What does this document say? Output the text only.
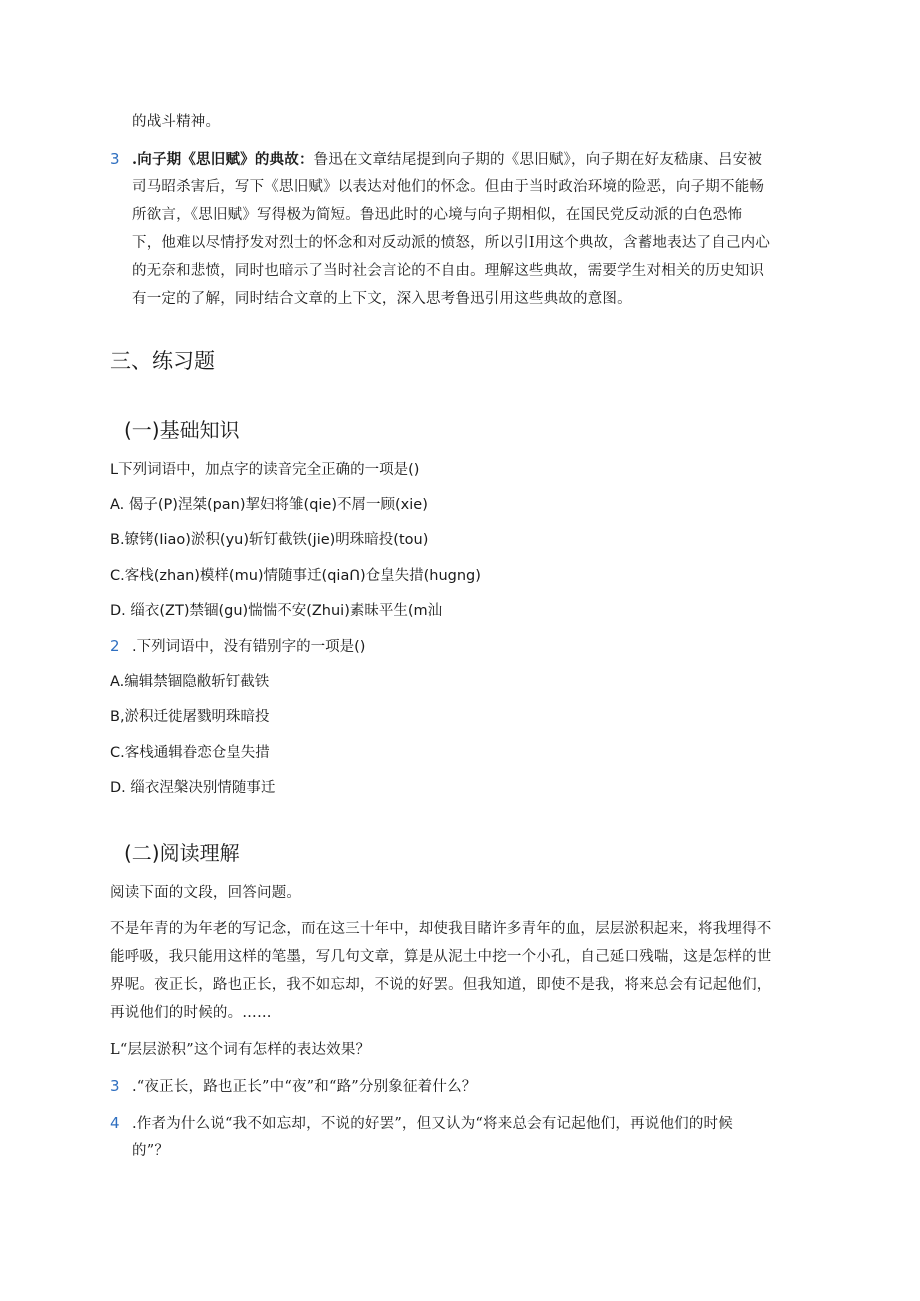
的战斗精神。
3 .向子期《思旧赋》的典故：鲁迅在文章结尾提到向子期的《思旧赋》，向子期在好友嵇康、吕安被
司马昭杀害后，写下《思旧赋》以表达对他们的怀念。但由于当时政治环境的险恶，向子期不能畅
所欲言，《思旧赋》写得极为简短。鲁迅此时的心境与向子期相似，在国民党反动派的白色恐怖
下，他难以尽情抒发对烈士的怀念和对反动派的愤怒，所以引I用这个典故，含蓄地表达了自己内心
的无奈和悲愤，同时也暗示了当时社会言论的不自由。理解这些典故，需要学生对相关的历史知识
有一定的了解，同时结合文章的上下文，深入思考鲁迅引用这些典故的意图。
三、练习题
(一)基础知识
L下列词语中，加点字的读音完全正确的一项是()
A. 偈子(P)涅桀(pan)挈妇将雏(qie)不屑一顾(xie)
B.镣铐(Iiao)淤积(yu)斩钉截铁(jie)明珠暗投(tou)
C.客栈(zhan)模样(mu)情随事迁(qiaՈ)仓皇失措(hugng)
D. 缁衣(ZT)禁锢(gu)惴惴不安(Zhui)素昧平生(m汕
2 .下列词语中，没有错别字的一项是()
A.编辑禁锢隐敝斩钉截铁
B,淤积迁徙屠戮明珠暗投
C.客栈通辑眷恋仓皇失措
D. 缁衣涅槃决别情随事迁
(二)阅读理解
阅读下面的文段，回答问题。
不是年青的为年老的写记念，而在这三十年中，却使我目睹许多青年的血，层层淤积起来，将我埋得不
能呼吸，我只能用这样的笔墨，写几句文章，算是从泥土中挖一个小孔，自己延口残喘，这是怎样的世
界呢。夜正长，路也正长，我不如忘却，不说的好罢。但我知道，即使不是我，将来总会有记起他们，
再说他们的时候的。……
L“层层淤积”这个词有怎样的表达效果？
3 .“夜正长，路也正长”中“夜”和“路”分别象征着什么？
4 .作者为什么说“我不如忘却，不说的好罢”，但又认为“将来总会有记起他们，再说他们的时候
的”？
